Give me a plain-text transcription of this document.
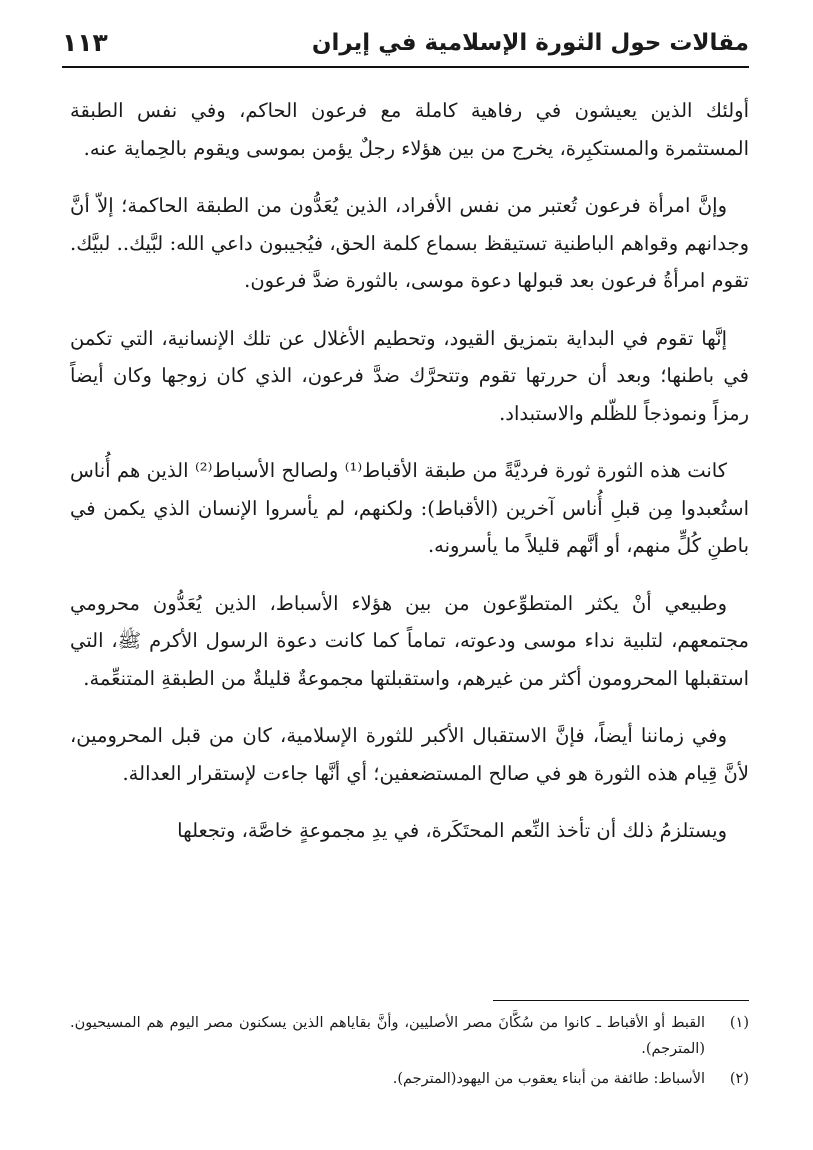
مقالات حول الثورة الإسلامية في إيران
١١٣

أولئك الذين يعيشون في رفاهية كاملة مع فرعون الحاكم، وفي نفس الطبقة المستثمرة والمستكبِرة، يخرج من بين هؤلاء رجلٌ يؤمن بموسى ويقوم بالحِماية عنه.

وإنَّ امرأة فرعون تُعتبر من نفس الأفراد، الذين يُعَدُّون من الطبقة الحاكمة؛ إلاّ أنَّ وجدانهم وقواهم الباطنية تستيقظ بسماع كلمة الحق، فيُجيبون داعي الله: لبَّيك.. لبيَّك. تقوم امرأةُ فرعون بعد قبولها دعوة موسى، بالثورة ضدَّ فرعون.

إنَّها تقوم في البداية بتمزيق القيود، وتحطيم الأغلال عن تلك الإنسانية، التي تكمن في باطنها؛ وبعد أن حررتها تقوم وتتحرَّك ضدَّ فرعون، الذي كان زوجها وكان أيضاً رمزاً ونموذجاً للظّلم والاستبداد.

كانت هذه الثورة ثورة فرديَّةً من طبقة الأقباط⁽¹⁾ ولصالح الأسباط⁽²⁾ الذين هم أُناس استُعبدوا مِن قبلِ أُناس آخرين (الأقباط): ولكنهم، لم يأسروا الإنسان الذي يكمن في باطنِ كُلٍّ منهم، أو أنَّهم قليلاً ما يأسرونه.

وطبيعي أنْ يكثر المتطوِّعون من بين هؤلاء الأسباط، الذين يُعَدُّون محرومي مجتمعهم، لتلبية نداء موسى ودعوته، تماماً كما كانت دعوة الرسول الأكرم ﷺ، التي استقبلها المحرومون أكثر من غيرهم، واستقبلتها مجموعةٌ قليلةٌ من الطبقةِ المتنعِّمة.

وفي زماننا أيضاً، فإنَّ الاستقبال الأكبر للثورة الإسلامية، كان من قبل المحرومين، لأنَّ قِيام هذه الثورة هو في صالح المستضعفين؛ أي أنَّها جاءت لإستقرار العدالة.

ويستلزمُ ذلك أن تأخذ النِّعم المحتَكَرة، في يدِ مجموعةٍ خاصَّة، وتجعلها

(١)
القبط أو الأقباط ـ كانوا من سُكَّانَ مصر الأصليين، وأنَّ بقاياهم الذين يسكنون مصر اليوم هم المسيحيون. (المترجم).
(٢)
الأسباط: طائفة من أبناء يعقوب من اليهود(المترجم).
